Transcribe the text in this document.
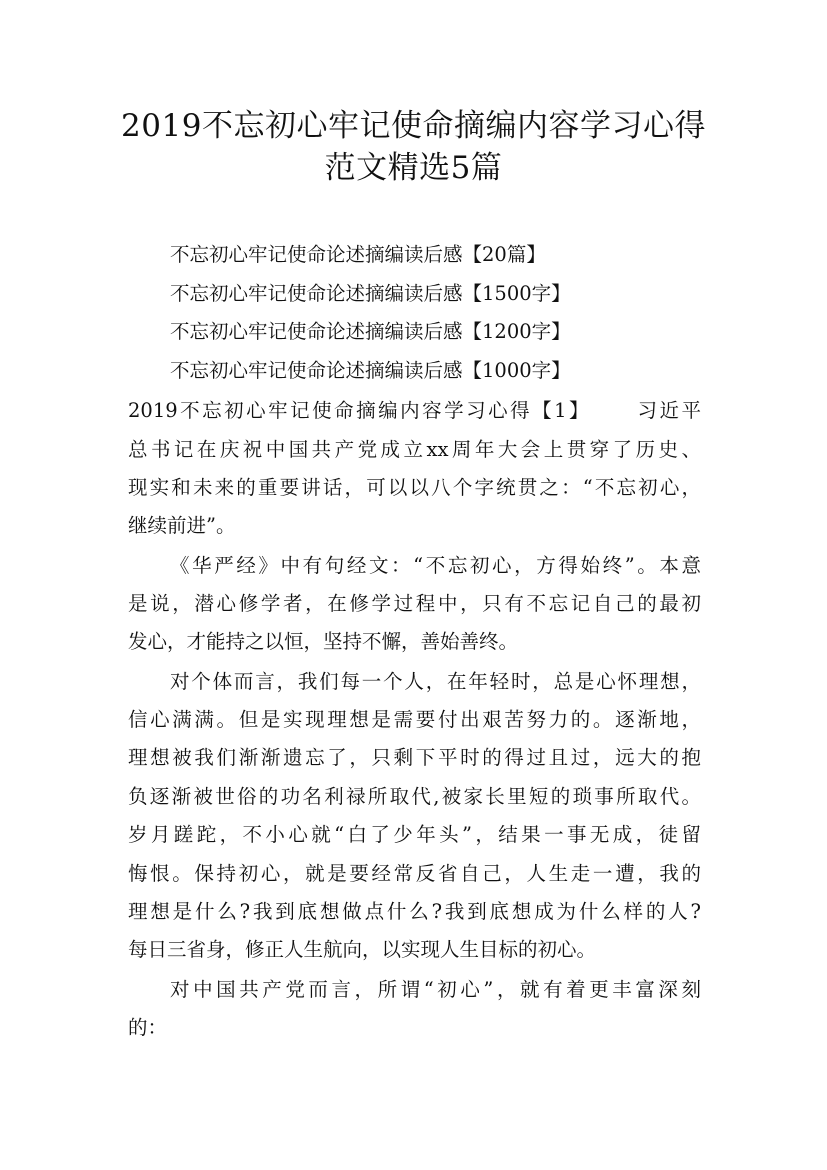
2019不忘初心牢记使命摘编内容学习心得
范文精选5篇
不忘初心牢记使命论述摘编读后感【20篇】
不忘初心牢记使命论述摘编读后感【1500字】
不忘初心牢记使命论述摘编读后感【1200字】
不忘初心牢记使命论述摘编读后感【1000字】
2019不忘初心牢记使命摘编内容学习心得【1】 习近平
总书记在庆祝中国共产党成立xx周年大会上贯穿了历史、
现实和未来的重要讲话，可以以八个字统贯之：“不忘初心，
继续前进”。
《华严经》中有句经文：“不忘初心，方得始终”。本意
是说，潜心修学者，在修学过程中，只有不忘记自己的最初
发心，才能持之以恒，坚持不懈，善始善终。
对个体而言，我们每一个人，在年轻时，总是心怀理想，
信心满满。但是实现理想是需要付出艰苦努力的。逐渐地，
理想被我们渐渐遗忘了，只剩下平时的得过且过，远大的抱
负逐渐被世俗的功名利禄所取代,被家长里短的琐事所取代。
岁月蹉跎，不小心就“白了少年头”，结果一事无成，徒留
悔恨。保持初心，就是要经常反省自己，人生走一遭，我的
理想是什么?我到底想做点什么?我到底想成为什么样的人?
每日三省身，修正人生航向，以实现人生目标的初心。
对中国共产党而言，所谓“初心”，就有着更丰富深刻
的：
